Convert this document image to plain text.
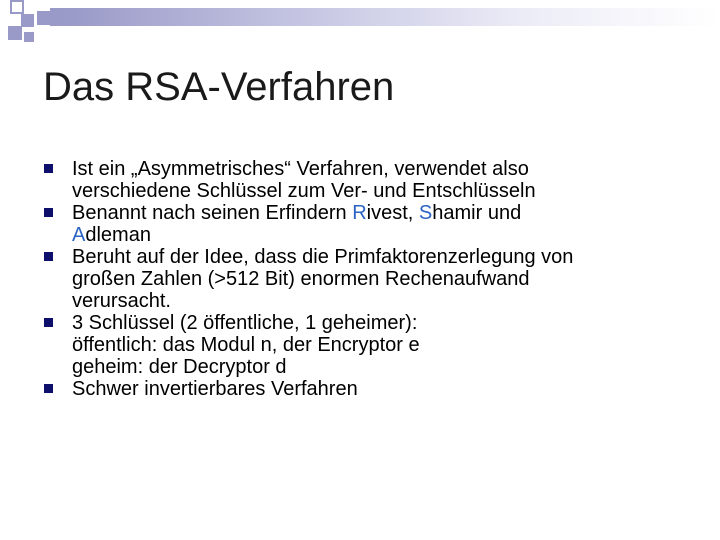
Das RSA-Verfahren
Ist ein „Asymmetrisches“ Verfahren, verwendet also
verschiedene Schlüssel zum Ver- und Entschlüsseln
Benannt nach seinen Erfindern Rivest, Shamir und
Adleman
Beruht auf der Idee, dass die Primfaktorenzerlegung von
großen Zahlen (>512 Bit) enormen Rechenaufwand
verursacht.
3 Schlüssel (2 öffentliche, 1 geheimer):
öffentlich: das Modul n, der Encryptor e
geheim: der Decryptor d
Schwer invertierbares Verfahren
